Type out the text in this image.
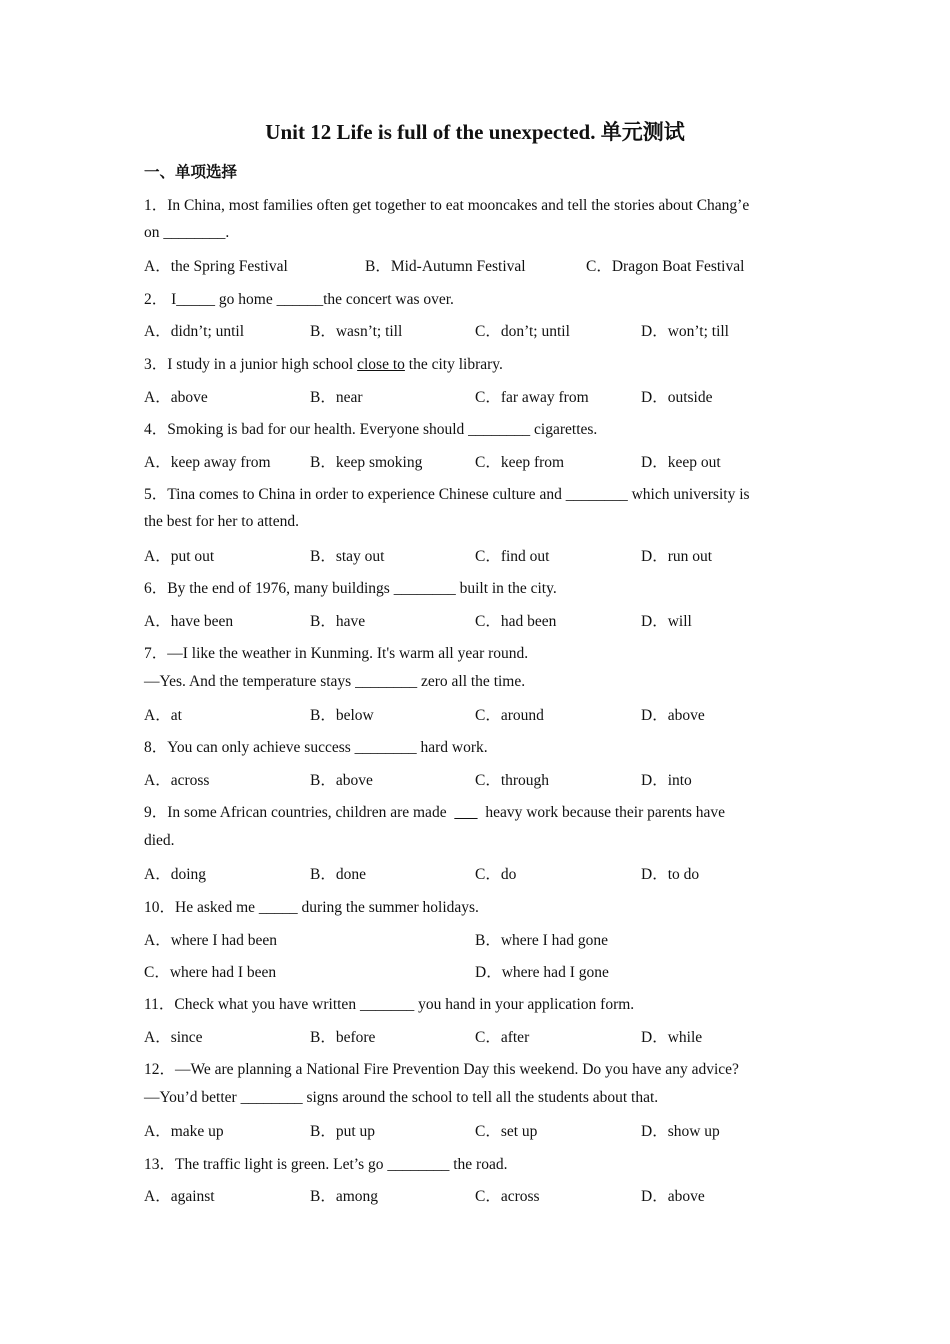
Unit 12 Life is full of the unexpected. 单元测试
一、单项选择
1．In China, most families often get together to eat mooncakes and tell the stories about Chang’e
on ________.
A．the Spring Festival	B．Mid-Autumn Festival	C．Dragon Boat Festival
2． I_____ go home ______the concert was over.
A．didn’t; until	B．wasn’t; till	C．don’t; until	D．won’t; till
3．I study in a junior high school close to the city library.
A．above	B．near	C．far away from	D．outside
4．Smoking is bad for our health. Everyone should ________ cigarettes.
A．keep away from	B．keep smoking	C．keep from	D．keep out
5．Tina comes to China in order to experience Chinese culture and ________ which university is
the best for her to attend.
A．put out	B．stay out	C．find out	D．run out
6．By the end of 1976, many buildings ________ built in the city.
A．have been	B．have	C．had been	D．will
7．—I like the weather in Kunming. It's warm all year round.
—Yes. And the temperature stays ________ zero all the time.
A．at	B．below	C．around	D．above
8．You can only achieve success ________ hard work.
A．across	B．above	C．through	D．into
9．In some African countries, children are made          heavy work because their parents have
died.
A．doing	B．done	C．do	D．to do
10．He asked me _____ during the summer holidays.
A．where I had been	B．where I had gone
C．where had I been	D．where had I gone
11．Check what you have written _______ you hand in your application form.
A．since	B．before	C．after	D．while
12．—We are planning a National Fire Prevention Day this weekend. Do you have any advice?
—You’d better ________ signs around the school to tell all the students about that.
A．make up	B．put up	C．set up	D．show up
13．The traffic light is green. Let’s go ________ the road.
A．against	B．among	C．across	D．above
